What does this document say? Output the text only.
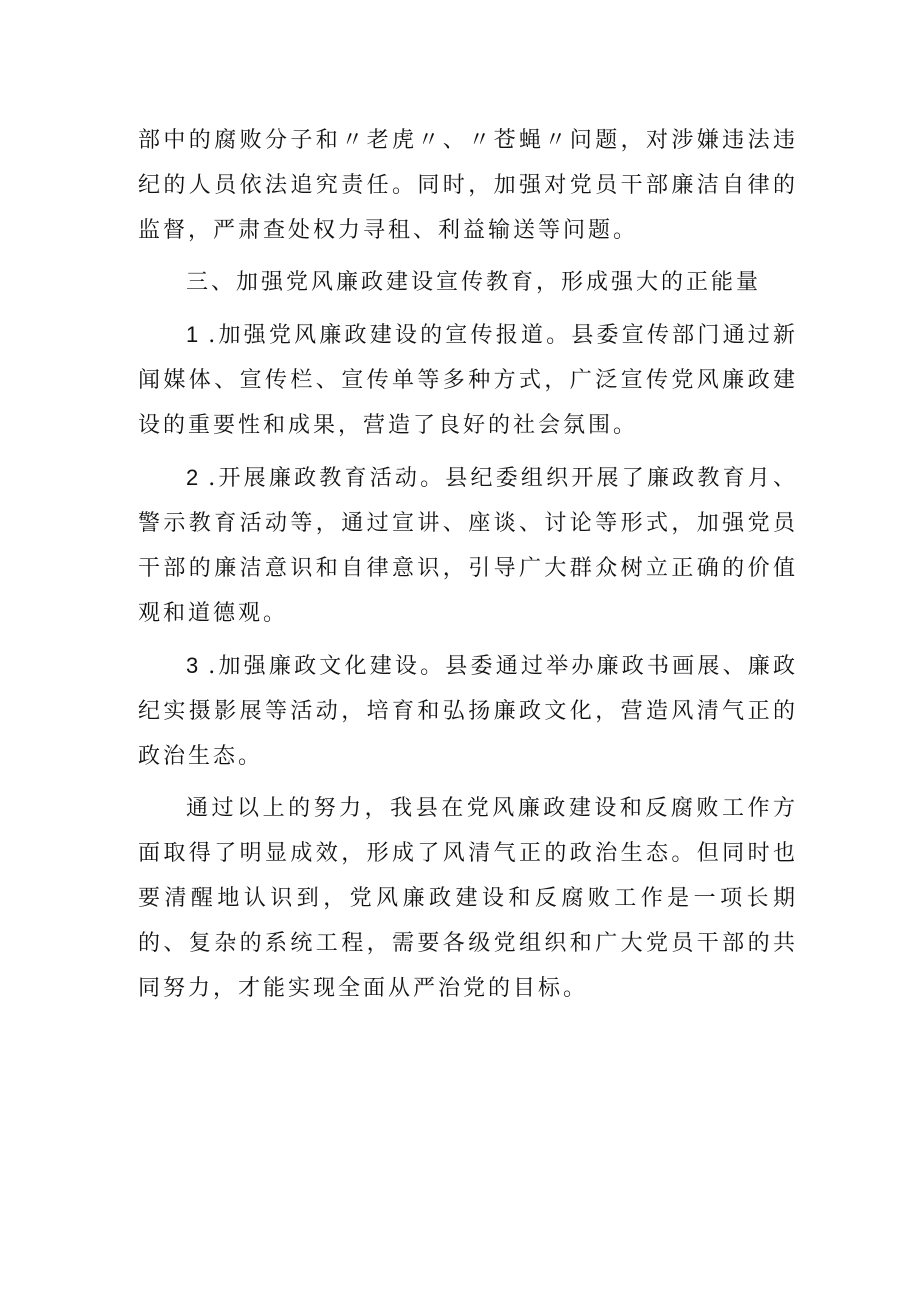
部中的腐败分子和〃老虎〃、〃苍蝇〃问题，对涉嫌违法违纪的人员依法追究责任。同时，加强对党员干部廉洁自律的监督，严肃查处权力寻租、利益输送等问题。

三、加强党风廉政建设宣传教育，形成强大的正能量

1 .加强党风廉政建设的宣传报道。县委宣传部门通过新闻媒体、宣传栏、宣传单等多种方式，广泛宣传党风廉政建设的重要性和成果，营造了良好的社会氛围。

2 .开展廉政教育活动。县纪委组织开展了廉政教育月、警示教育活动等，通过宣讲、座谈、讨论等形式，加强党员干部的廉洁意识和自律意识，引导广大群众树立正确的价值观和道德观。

3 .加强廉政文化建设。县委通过举办廉政书画展、廉政纪实摄影展等活动，培育和弘扬廉政文化，营造风清气正的政治生态。

通过以上的努力，我县在党风廉政建设和反腐败工作方面取得了明显成效，形成了风清气正的政治生态。但同时也要清醒地认识到，党风廉政建设和反腐败工作是一项长期的、复杂的系统工程，需要各级党组织和广大党员干部的共同努力，才能实现全面从严治党的目标。
